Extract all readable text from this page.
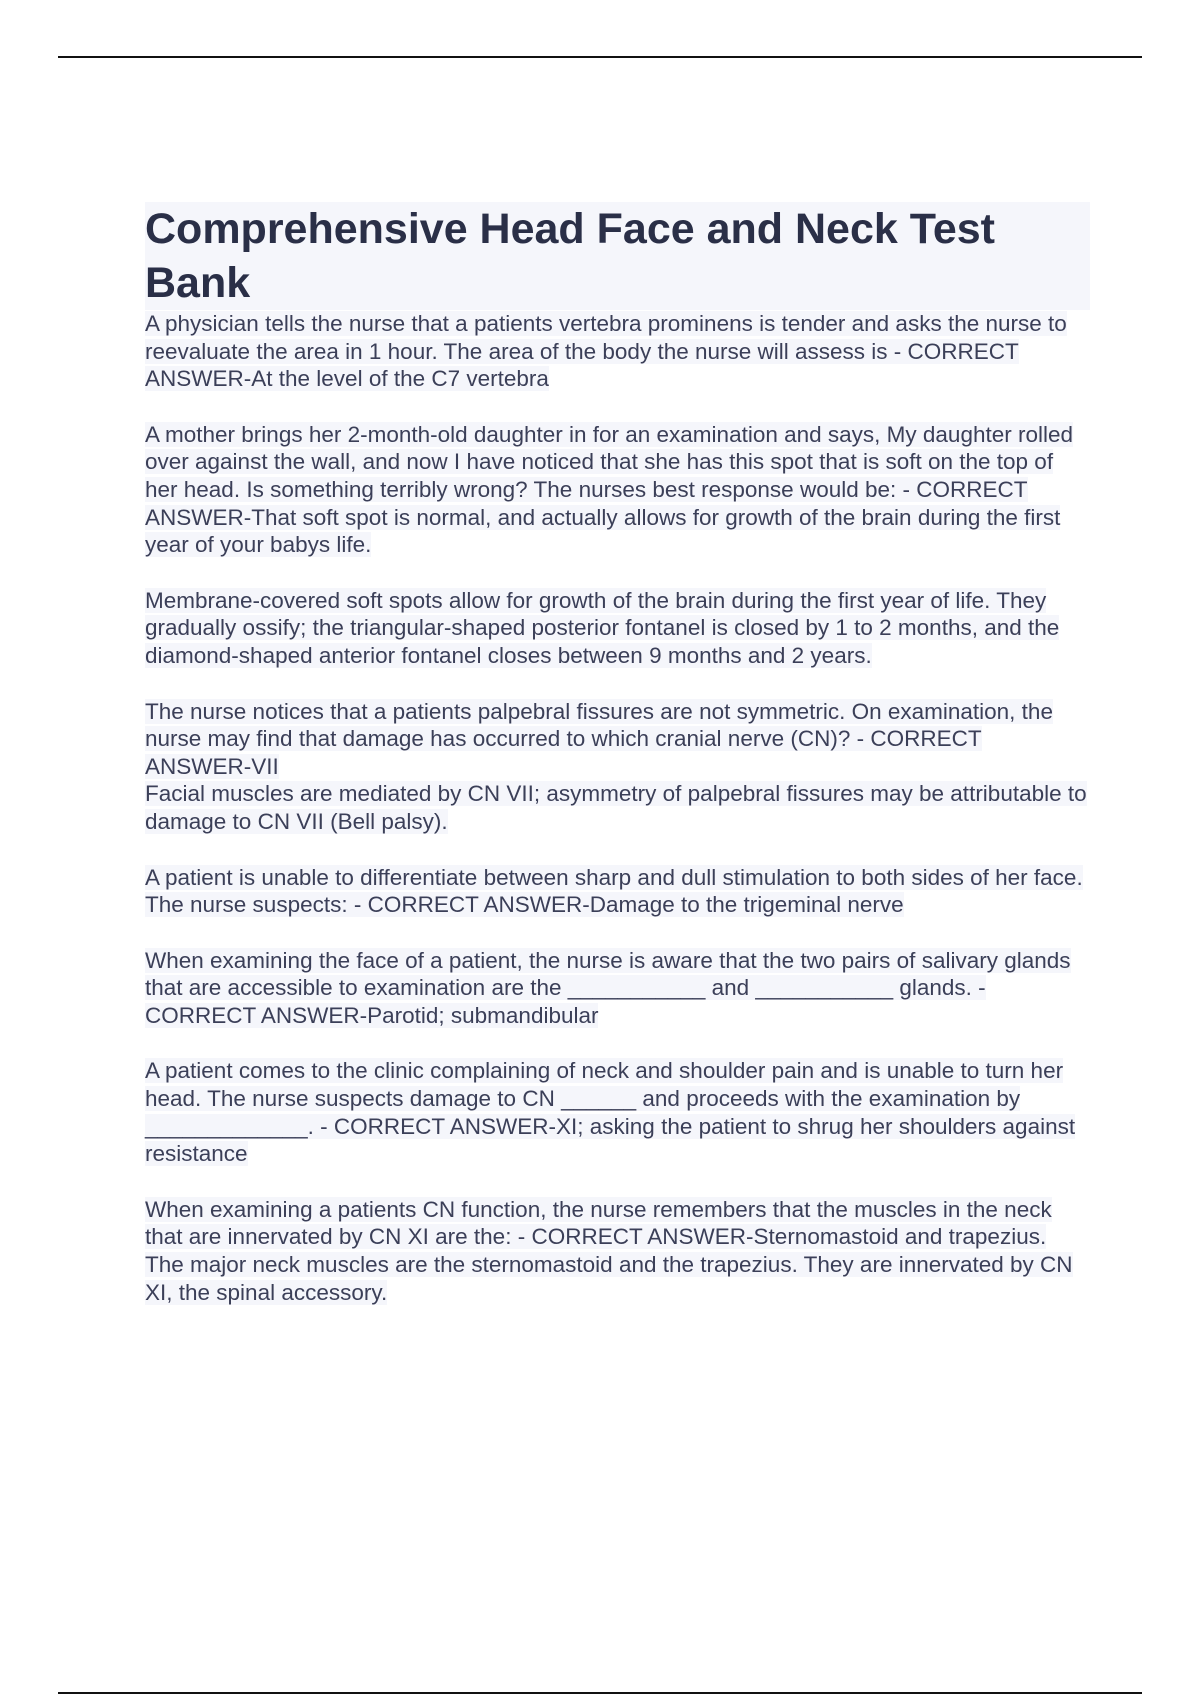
Comprehensive Head Face and Neck Test Bank

A physician tells the nurse that a patients vertebra prominens is tender and asks the nurse to reevaluate the area in 1 hour. The area of the body the nurse will assess is - CORRECT ANSWER-At the level of the C7 vertebra

A mother brings her 2-month-old daughter in for an examination and says, My daughter rolled over against the wall, and now I have noticed that she has this spot that is soft on the top of her head. Is something terribly wrong? The nurses best response would be: - CORRECT ANSWER-That soft spot is normal, and actually allows for growth of the brain during the first year of your babys life.

Membrane-covered soft spots allow for growth of the brain during the first year of life. They gradually ossify; the triangular-shaped posterior fontanel is closed by 1 to 2 months, and the diamond-shaped anterior fontanel closes between 9 months and 2 years.

The nurse notices that a patients palpebral fissures are not symmetric. On examination, the nurse may find that damage has occurred to which cranial nerve (CN)? - CORRECT ANSWER-VII

Facial muscles are mediated by CN VII; asymmetry of palpebral fissures may be attributable to damage to CN VII (Bell palsy).

A patient is unable to differentiate between sharp and dull stimulation to both sides of her face. The nurse suspects: - CORRECT ANSWER-Damage to the trigeminal nerve

When examining the face of a patient, the nurse is aware that the two pairs of salivary glands that are accessible to examination are the ___________ and ___________ glands. - CORRECT ANSWER-Parotid; submandibular

A patient comes to the clinic complaining of neck and shoulder pain and is unable to turn her head. The nurse suspects damage to CN ______ and proceeds with the examination by _____________. - CORRECT ANSWER-XI; asking the patient to shrug her shoulders against resistance

When examining a patients CN function, the nurse remembers that the muscles in the neck that are innervated by CN XI are the: - CORRECT ANSWER-Sternomastoid and trapezius.

The major neck muscles are the sternomastoid and the trapezius. They are innervated by CN XI, the spinal accessory.
